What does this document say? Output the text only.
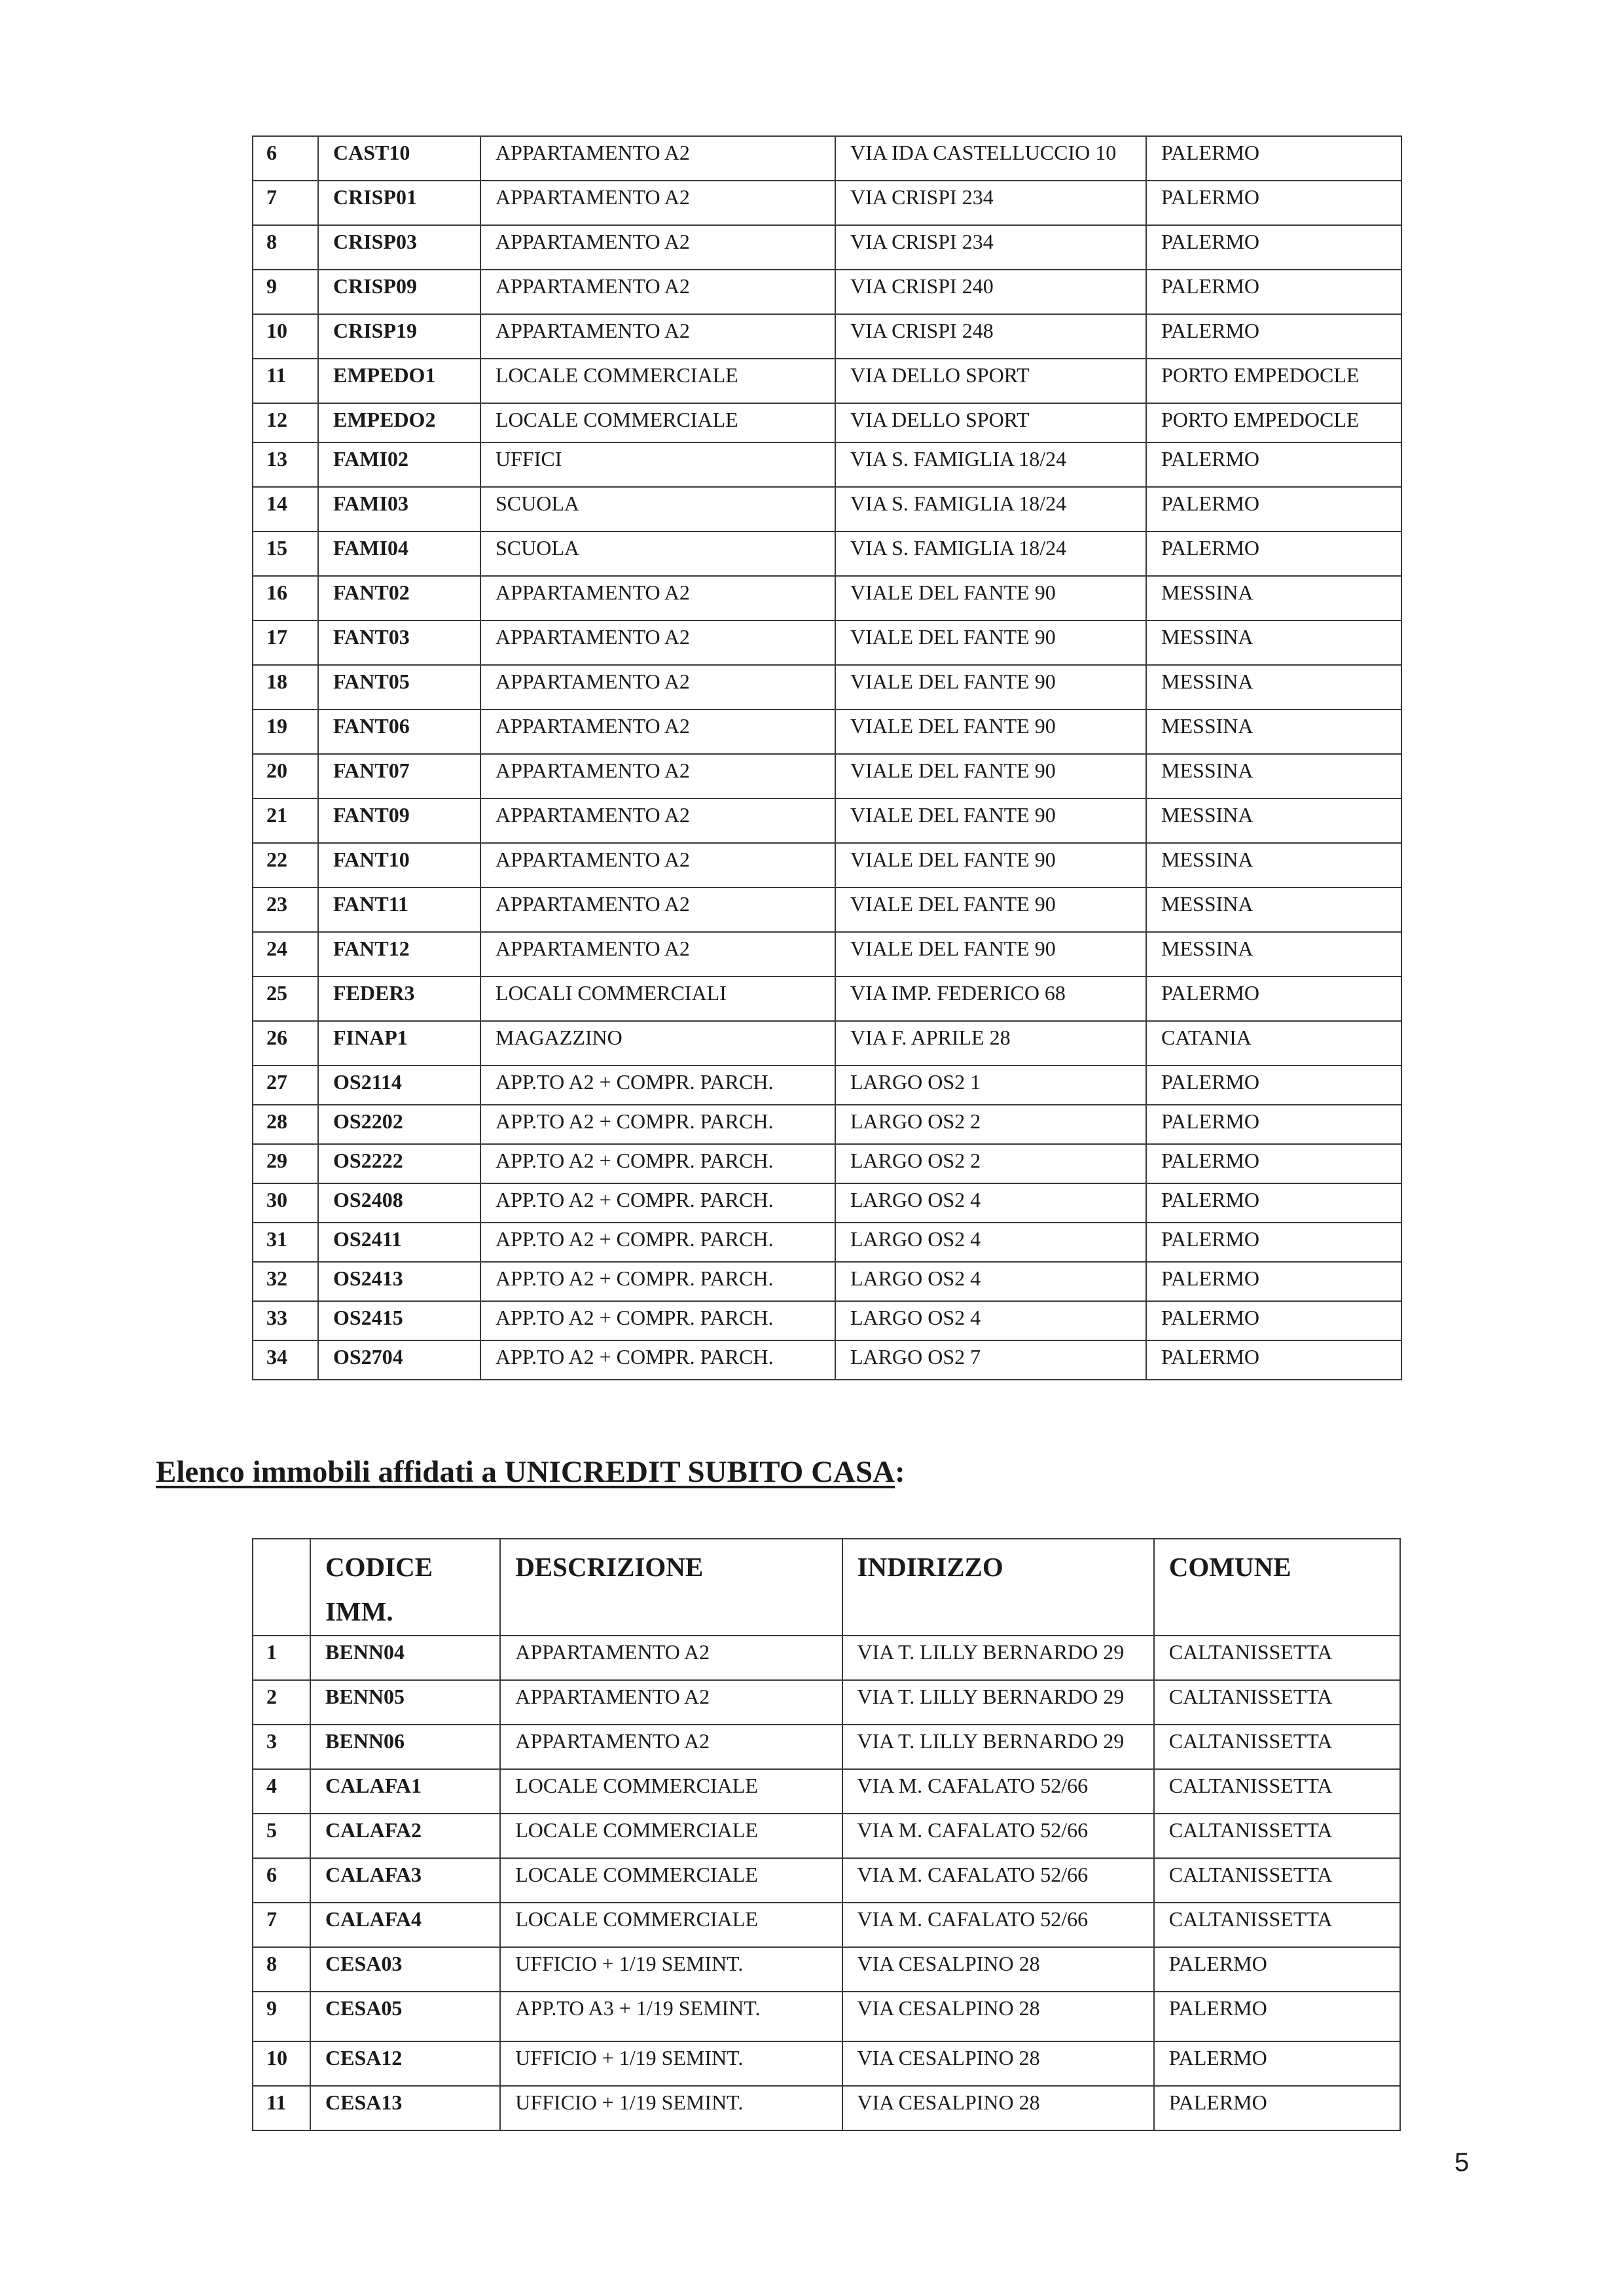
6	CAST10	APPARTAMENTO A2	VIA IDA CASTELLUCCIO 10	PALERMO
7	CRISP01	APPARTAMENTO A2	VIA CRISPI 234	PALERMO
8	CRISP03	APPARTAMENTO A2	VIA CRISPI 234	PALERMO
9	CRISP09	APPARTAMENTO A2	VIA CRISPI 240	PALERMO
10	CRISP19	APPARTAMENTO A2	VIA CRISPI 248	PALERMO
11	EMPEDO1	LOCALE COMMERCIALE	VIA DELLO SPORT	PORTO EMPEDOCLE
12	EMPEDO2	LOCALE COMMERCIALE	VIA DELLO SPORT	PORTO EMPEDOCLE
13	FAMI02	UFFICI	VIA S. FAMIGLIA 18/24	PALERMO
14	FAMI03	SCUOLA	VIA S. FAMIGLIA 18/24	PALERMO
15	FAMI04	SCUOLA	VIA S. FAMIGLIA 18/24	PALERMO
16	FANT02	APPARTAMENTO A2	VIALE DEL FANTE 90	MESSINA
17	FANT03	APPARTAMENTO A2	VIALE DEL FANTE 90	MESSINA
18	FANT05	APPARTAMENTO A2	VIALE DEL FANTE 90	MESSINA
19	FANT06	APPARTAMENTO A2	VIALE DEL FANTE 90	MESSINA
20	FANT07	APPARTAMENTO A2	VIALE DEL FANTE 90	MESSINA
21	FANT09	APPARTAMENTO A2	VIALE DEL FANTE 90	MESSINA
22	FANT10	APPARTAMENTO A2	VIALE DEL FANTE 90	MESSINA
23	FANT11	APPARTAMENTO A2	VIALE DEL FANTE 90	MESSINA
24	FANT12	APPARTAMENTO A2	VIALE DEL FANTE 90	MESSINA
25	FEDER3	LOCALI COMMERCIALI	VIA IMP. FEDERICO 68	PALERMO
26	FINAP1	MAGAZZINO	VIA F. APRILE 28	CATANIA
27	OS2114	APP.TO A2 + COMPR. PARCH.	LARGO OS2 1	PALERMO
28	OS2202	APP.TO A2 + COMPR. PARCH.	LARGO OS2 2	PALERMO
29	OS2222	APP.TO A2 + COMPR. PARCH.	LARGO OS2 2	PALERMO
30	OS2408	APP.TO A2 + COMPR. PARCH.	LARGO OS2 4	PALERMO
31	OS2411	APP.TO A2 + COMPR. PARCH.	LARGO OS2 4	PALERMO
32	OS2413	APP.TO A2 + COMPR. PARCH.	LARGO OS2 4	PALERMO
33	OS2415	APP.TO A2 + COMPR. PARCH.	LARGO OS2 4	PALERMO
34	OS2704	APP.TO A2 + COMPR. PARCH.	LARGO OS2 7	PALERMO
Elenco immobili affidati a UNICREDIT SUBITO CASA:

	CODICE IMM.	DESCRIZIONE	INDIRIZZO	COMUNE
1	BENN04	APPARTAMENTO A2	VIA T. LILLY BERNARDO 29	CALTANISSETTA
2	BENN05	APPARTAMENTO A2	VIA T. LILLY BERNARDO 29	CALTANISSETTA
3	BENN06	APPARTAMENTO A2	VIA T. LILLY BERNARDO 29	CALTANISSETTA
4	CALAFA1	LOCALE COMMERCIALE	VIA M. CAFALATO 52/66	CALTANISSETTA
5	CALAFA2	LOCALE COMMERCIALE	VIA M. CAFALATO 52/66	CALTANISSETTA
6	CALAFA3	LOCALE COMMERCIALE	VIA M. CAFALATO 52/66	CALTANISSETTA
7	CALAFA4	LOCALE COMMERCIALE	VIA M. CAFALATO 52/66	CALTANISSETTA
8	CESA03	UFFICIO + 1/19 SEMINT.	VIA CESALPINO 28	PALERMO
9	CESA05	APP.TO A3 + 1/19 SEMINT.	VIA CESALPINO 28	PALERMO
10	CESA12	UFFICIO + 1/19 SEMINT.	VIA CESALPINO 28	PALERMO
11	CESA13	UFFICIO + 1/19 SEMINT.	VIA CESALPINO 28	PALERMO
5
